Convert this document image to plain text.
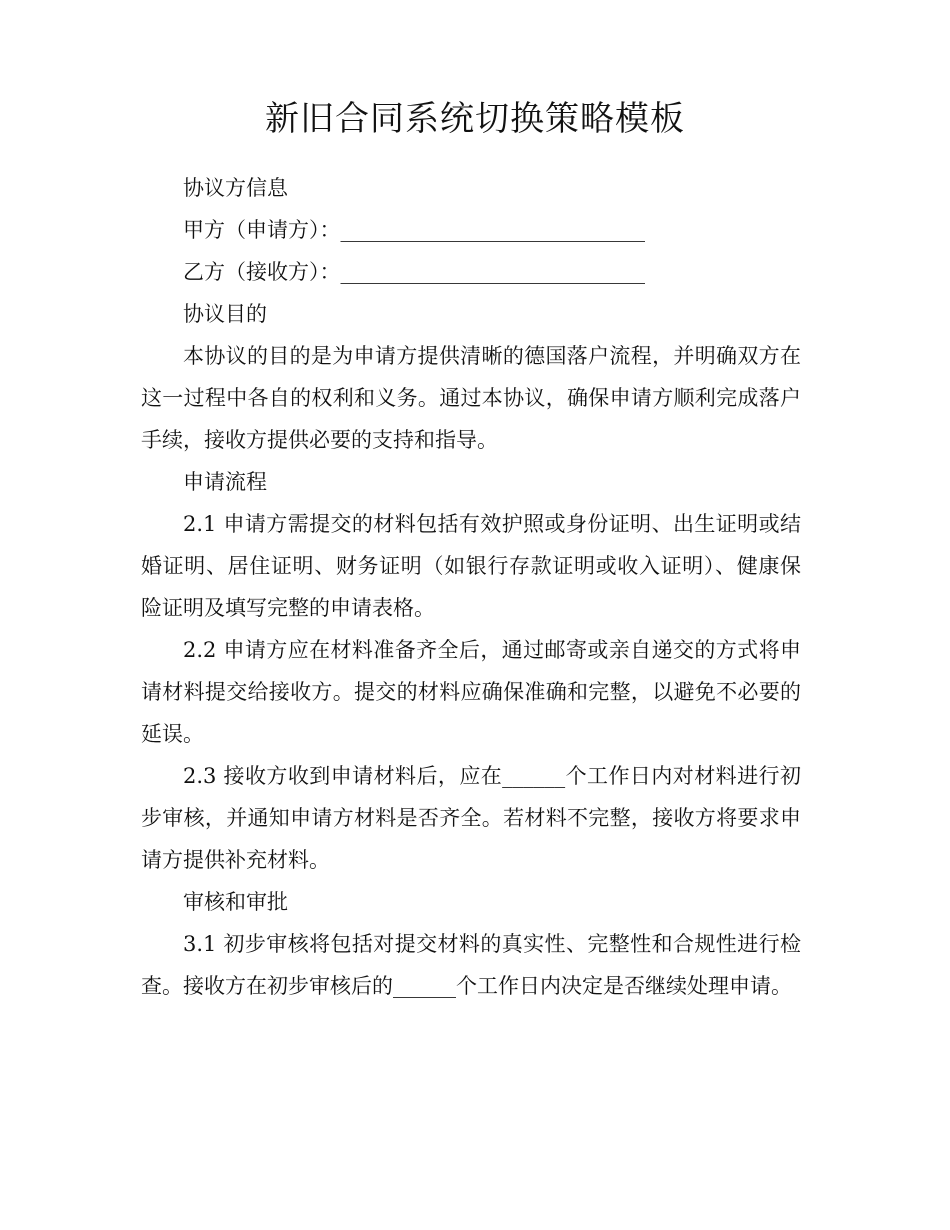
新旧合同系统切换策略模板

协议方信息

甲方（申请方）：_____________________________

乙方（接收方）：_____________________________

协议目的

本协议的目的是为申请方提供清晰的德国落户流程，并明确双方在这一过程中各自的权利和义务。通过本协议，确保申请方顺利完成落户手续，接收方提供必要的支持和指导。

申请流程

2.1 申请方需提交的材料包括有效护照或身份证明、出生证明或结婚证明、居住证明、财务证明（如银行存款证明或收入证明）、健康保险证明及填写完整的申请表格。

2.2 申请方应在材料准备齐全后，通过邮寄或亲自递交的方式将申请材料提交给接收方。提交的材料应确保准确和完整，以避免不必要的延误。

2.3 接收方收到申请材料后，应在______个工作日内对材料进行初步审核，并通知申请方材料是否齐全。若材料不完整，接收方将要求申请方提供补充材料。

审核和审批

3.1 初步审核将包括对提交材料的真实性、完整性和合规性进行检查。接收方在初步审核后的______个工作日内决定是否继续处理申请。
